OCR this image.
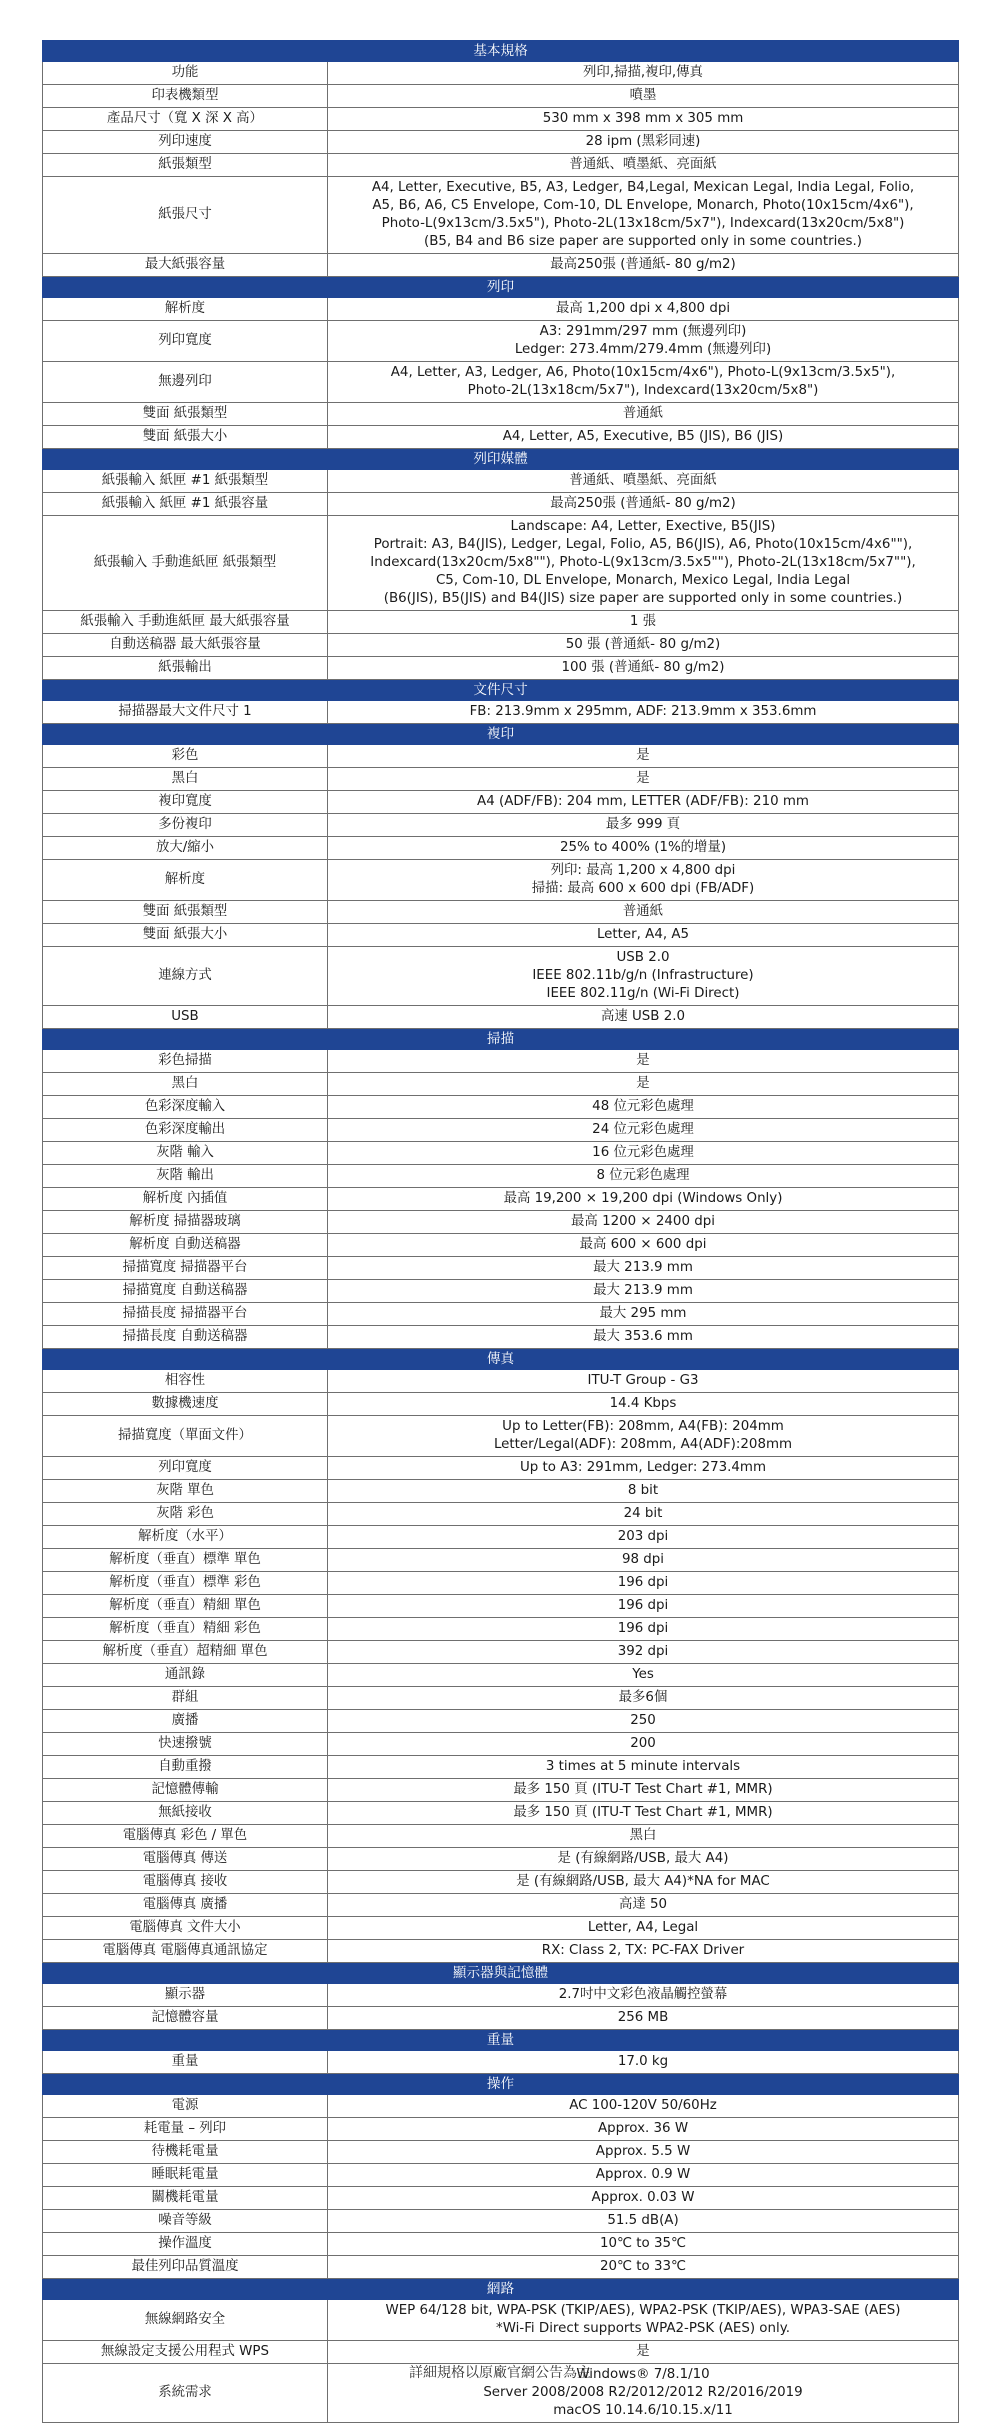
基本規格	
功能	列印,掃描,複印,傳真
印表機類型	噴墨
產品尺寸（寬 X 深 X 高）	530 mm x 398 mm x 305 mm
列印速度	28 ipm (黑彩同速)
紙張類型	普通紙、噴墨紙、亮面紙
紙張尺寸	A4, Letter, Executive, B5, A3, Ledger, B4,Legal, Mexican Legal, India Legal, Folio,
A5, B6, A6, C5 Envelope, Com-10, DL Envelope, Monarch, Photo(10x15cm/4x6"),
Photo-L(9x13cm/3.5x5"), Photo-2L(13x18cm/5x7"), Indexcard(13x20cm/5x8")
(B5, B4 and B6 size paper are supported only in some countries.)

最大紙張容量	最高250張 (普通紙- 80 g/m2)
列印	
解析度	最高 1,200 dpi x 4,800 dpi
列印寬度	A3: 291mm/297 mm (無邊列印)
Ledger: 273.4mm/279.4mm (無邊列印)

無邊列印	A4, Letter, A3, Ledger, A6, Photo(10x15cm/4x6"), Photo-L(9x13cm/3.5x5"),
Photo-2L(13x18cm/5x7"), Indexcard(13x20cm/5x8")

雙面 紙張類型	普通紙
雙面 紙張大小	A4, Letter, A5, Executive, B5 (JIS), B6 (JIS)
列印媒體	
紙張輸入 紙匣 #1 紙張類型	普通紙、噴墨紙、亮面紙
紙張輸入 紙匣 #1 紙張容量	最高250張 (普通紙- 80 g/m2)
紙張輸入 手動進紙匣 紙張類型	Landscape: A4, Letter, Exective, B5(JIS)
Portrait: A3, B4(JIS), Ledger, Legal, Folio, A5, B6(JIS), A6, Photo(10x15cm/4x6""),
Indexcard(13x20cm/5x8""), Photo-L(9x13cm/3.5x5""), Photo-2L(13x18cm/5x7""),
C5, Com-10, DL Envelope, Monarch, Mexico Legal, India Legal
(B6(JIS), B5(JIS) and B4(JIS) size paper are supported only in some countries.)

紙張輸入 手動進紙匣 最大紙張容量	1 張
自動送稿器 最大紙張容量	50 張 (普通紙- 80 g/m2)
紙張輸出	100 張 (普通紙- 80 g/m2)
文件尺寸	
掃描器最大文件尺寸 1	FB: 213.9mm x 295mm, ADF: 213.9mm x 353.6mm
複印	
彩色	是
黑白	是
複印寬度	A4 (ADF/FB): 204 mm, LETTER (ADF/FB): 210 mm
多份複印	最多 999 頁
放大/縮小	25% to 400% (1%的增量)
解析度	列印: 最高 1,200 x 4,800 dpi
掃描: 最高 600 x 600 dpi (FB/ADF)

雙面 紙張類型	普通紙
雙面 紙張大小	Letter, A4, A5
連線方式	USB 2.0
IEEE 802.11b/g/n (Infrastructure)
IEEE 802.11g/n (Wi-Fi Direct)

USB	高速 USB 2.0
掃描	
彩色掃描	是
黑白	是
色彩深度輸入	48 位元彩色處理
色彩深度輸出	24 位元彩色處理
灰階 輸入	16 位元彩色處理
灰階 輸出	8 位元彩色處理
解析度 內插值	最高 19,200 × 19,200 dpi (Windows Only)
解析度 掃描器玻璃	最高 1200 × 2400 dpi
解析度 自動送稿器	最高 600 × 600 dpi
掃描寬度 掃描器平台	最大 213.9 mm
掃描寬度 自動送稿器	最大 213.9 mm
掃描長度 掃描器平台	最大 295 mm
掃描長度 自動送稿器	最大 353.6 mm
傳真	
相容性	ITU-T Group - G3
數據機速度	14.4 Kbps
掃描寬度（單面文件）	Up to Letter(FB): 208mm, A4(FB): 204mm
Letter/Legal(ADF): 208mm, A4(ADF):208mm

列印寬度	Up to A3: 291mm, Ledger: 273.4mm
灰階 單色	8 bit
灰階 彩色	24 bit
解析度（水平）	203 dpi
解析度（垂直）標準 單色	98 dpi
解析度（垂直）標準 彩色	196 dpi
解析度（垂直）精細 單色	196 dpi
解析度（垂直）精細 彩色	196 dpi
解析度（垂直）超精細 單色	392 dpi
通訊錄	Yes
群組	最多6個
廣播	250
快速撥號	200
自動重撥	3 times at 5 minute intervals
記憶體傳輸	最多 150 頁 (ITU-T Test Chart #1, MMR)
無紙接收	最多 150 頁 (ITU-T Test Chart #1, MMR)
電腦傳真 彩色 / 單色	黑白
電腦傳真 傳送	是 (有線網路/USB, 最大 A4)
電腦傳真 接收	是 (有線網路/USB, 最大 A4)*NA for MAC
電腦傳真 廣播	高達 50
電腦傳真 文件大小	Letter, A4, Legal
電腦傳真 電腦傳真通訊協定	RX: Class 2, TX: PC-FAX Driver
顯示器與記憶體	
顯示器	2.7吋中文彩色液晶觸控螢幕
記憶體容量	256 MB
重量	
重量	17.0 kg
操作	
電源	AC 100-120V 50/60Hz
耗電量 – 列印	Approx. 36 W
待機耗電量	Approx. 5.5 W
睡眠耗電量	Approx. 0.9 W
關機耗電量	Approx. 0.03 W
噪音等級	51.5 dB(A)
操作溫度	10℃ to 35℃
最佳列印品質溫度	20℃ to 33℃
網路	
無線網路安全	WEP 64/128 bit, WPA-PSK (TKIP/AES), WPA2-PSK (TKIP/AES), WPA3-SAE (AES)
*Wi-Fi Direct supports WPA2-PSK (AES) only.

無線設定支援公用程式 WPS	是
系統需求	Windows® 7/8.1/10
Server 2008/2008 R2/2012/2012 R2/2016/2019
macOS 10.14.6/10.15.x/11
詳細規格以原廠官網公告為主
